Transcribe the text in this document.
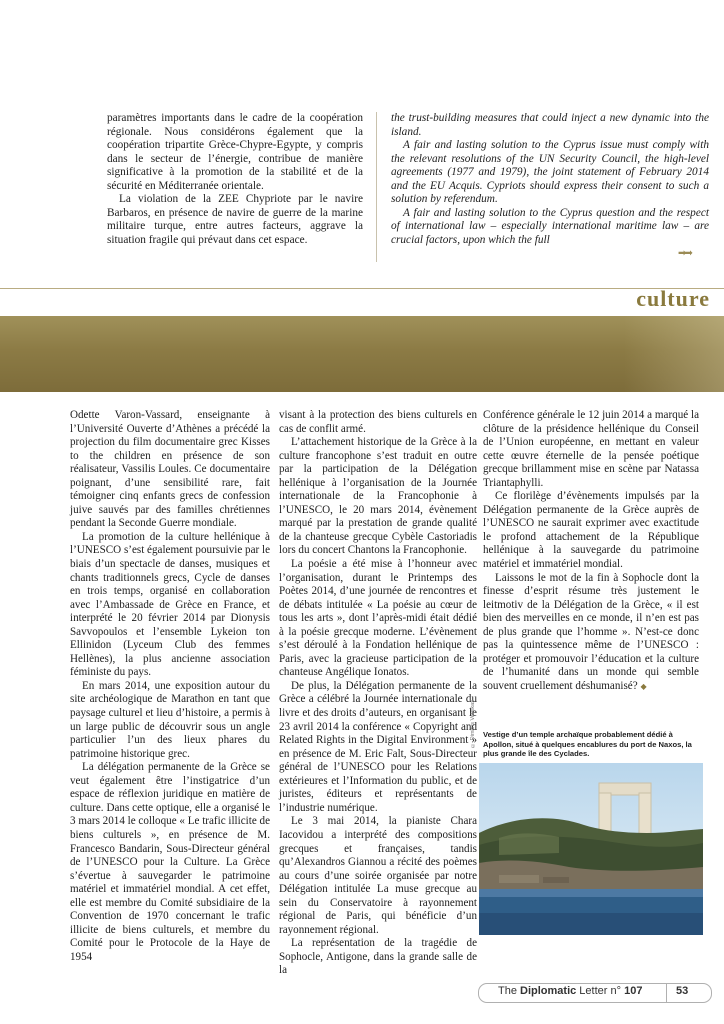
paramètres importants dans le cadre de la coopération régionale. Nous considérons également que la coopération tripartite Grèce-Chypre-Egypte, y compris dans le secteur de l’énergie, contribue de manière significative à la promotion de la stabilité et de la sécurité en Méditerranée orientale.

La violation de la ZEE Chypriote par le navire Barbaros, en présence de navire de guerre de la marine militaire turque, entre autres facteurs, aggrave la situation fragile qui prévaut dans cet espace.

the trust-building measures that could inject a new dynamic into the island.

A fair and lasting solution to the Cyprus issue must comply with the relevant resolutions of the UN Security Council, the high-level agreements (1977 and 1979), the joint statement of February 2014 and the EU Acquis. Cypriots should express their consent to such a solution by referendum.

A fair and lasting solution to the Cyprus question and the respect of international law – especially international maritime law – are crucial factors, upon which the full

➡➡
culture

Odette Varon-Vassard, enseignante à l’Université Ouverte d’Athènes a précédé la projection du film documentaire grec Kisses to the children en présence de son réalisateur, Vassilis Loules. Ce documentaire poignant, d’une sensibilité rare, fait témoigner cinq enfants grecs de confession juive sauvés par des familles chrétiennes pendant la Seconde Guerre mondiale.

La promotion de la culture hellénique à l’UNESCO s’est également poursuivie par le biais d’un spectacle de danses, musiques et chants traditionnels grecs, Cycle de danses en trois temps, organisé en collaboration avec l’Ambassade de Grèce en France, et interprété le 20 février 2014 par Dionysis Savvopoulos et l’ensemble Lykeion ton Ellinidon (Lyceum Club des femmes Hellènes), la plus ancienne association féministe du pays.

En mars 2014, une exposition autour du site archéologique de Marathon en tant que paysage culturel et lieu d’histoire, a permis à un large public de découvrir sous un angle particulier l’un des lieux phares du patrimoine historique grec.

La délégation permanente de la Grèce se veut également être l’instigatrice d’un espace de réflexion juridique en matière de culture. Dans cette optique, elle a organisé le 3 mars 2014 le colloque « Le trafic illicite de biens culturels », en présence de M. Francesco Bandarin, Sous-Directeur général de l’UNESCO pour la Culture. La Grèce s’évertue à sauvegarder le patrimoine matériel et immatériel mondial. A cet effet, elle est membre du Comité subsidiaire de la Convention de 1970 concernant le trafic illicite de biens culturels, et membre du Comité pour le Protocole de la Haye de 1954

visant à la protection des biens culturels en cas de conflit armé.

L’attachement historique de la Grèce à la culture francophone s’est traduit en outre par la participation de la Délégation hellénique à l’organisation de la Journée internationale de la Francophonie à l’UNESCO, le 20 mars 2014, évènement marqué par la prestation de grande qualité de la chanteuse grecque Cybèle Castoriadis lors du concert Chantons la Francophonie.

La poésie a été mise à l’honneur avec l’organisation, durant le Printemps des Poètes 2014, d’une journée de rencontres et de débats intitulée « La poésie au cœur de tous les arts », dont l’après-midi était dédié à la poésie grecque moderne. L’évènement s’est déroulé à la Fondation hellénique de Paris, avec la gracieuse participation de la chanteuse Angélique Ionatos.

De plus, la Délégation permanente de la Grèce a célébré la Journée internationale du livre et des droits d’auteurs, en organisant le 23 avril 2014 la conférence « Copyright and Related Rights in the Digital Environment » en présence de M. Eric Falt, Sous-Directeur général de l’UNESCO pour les Relations extérieures et l’Information du public, et de juristes, éditeurs et représentants de l’industrie numérique.

Le 3 mai 2014, la pianiste Chara Iacovidou a interprété des compositions grecques et françaises, tandis qu’Alexandros Giannou a récité des poèmes au cours d’une soirée organisée par notre Délégation intitulée La muse grecque au sein du Conservatoire à rayonnement régional de Paris, qui bénéficie d’un rayonnement régional.

La représentation de la tragédie de Sophocle, Antigone, dans la grande salle de la

Conférence générale le 12 juin 2014 a marqué la clôture de la présidence hellénique du Conseil de l’Union européenne, en mettant en valeur cette œuvre éternelle de la pensée poétique grecque brillamment mise en scène par Natassa Triantaphylli.

Ce florilège d’évènements impulsés par la Délégation permanente de la Grèce auprès de l’UNESCO ne saurait exprimer avec exactitude le profond attachement de la République hellénique à la sauvegarde du patrimoine matériel et immatériel mondial.

Laissons le mot de la fin à Sophocle dont la finesse d’esprit résume très justement le leitmotiv de la Délégation de la Grèce, « il est bien des merveilles en ce monde, il n’en est pas de plus grande que l’homme ». N’est-ce donc pas la quintessence même de l’UNESCO : protéger et promouvoir l’éducation et la culture de l’humanité dans un monde qui semble souvent cruellement déshumanisé? ◆

© Dimitris Vetsikas Vestige d’un temple archaïque probablement dédié à Apollon, situé à quelques encablures du port de Naxos, la plus grande île des Cyclades.
The Diplomatic Letter n° 107	53
